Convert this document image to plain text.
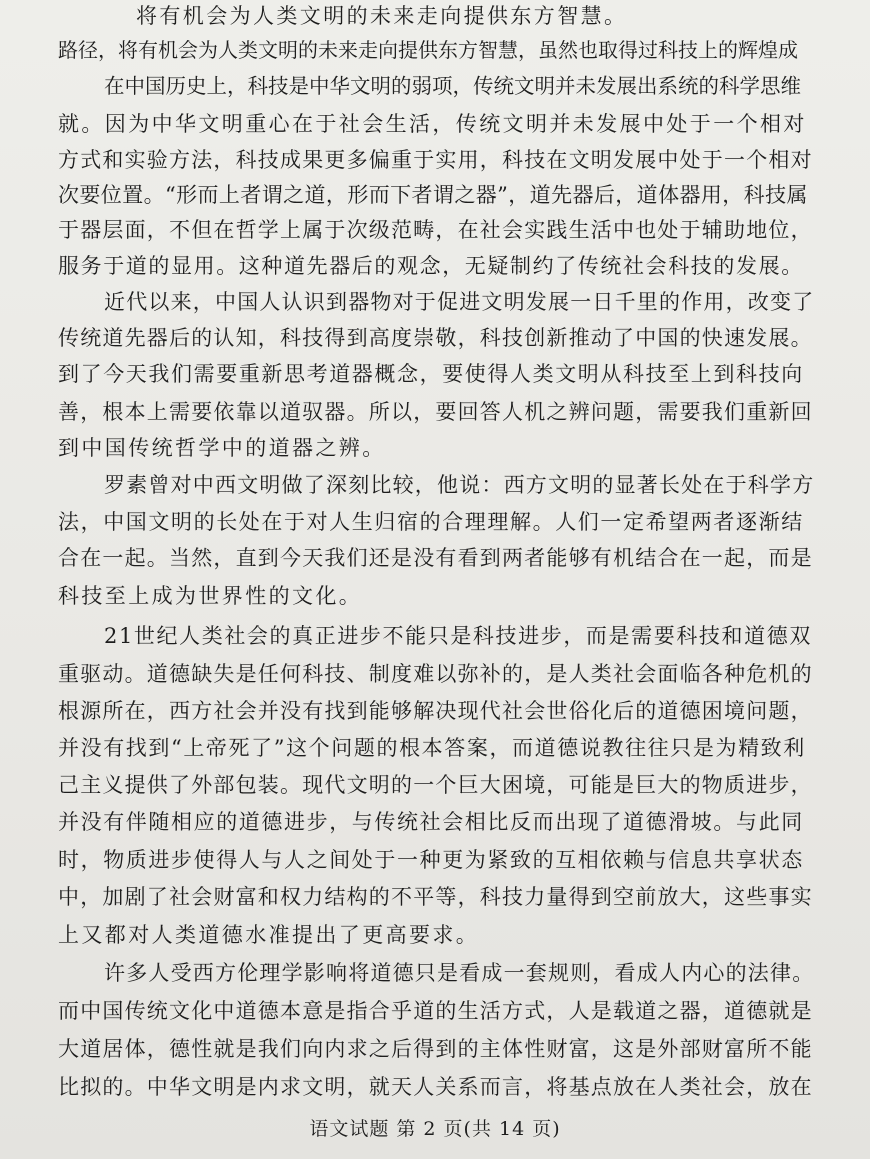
将有机会为人类文明的未来走向提供东方智慧。
路径，将有机会为人类文明的未来走向提供东方智慧，虽然也取得过科技上的辉煌成
在中国历史上，科技是中华文明的弱项，传统文明并未发展出系统的科学思维
就。因为中华文明重心在于社会生活，传统文明并未发展中处于一个相对
方式和实验方法，科技成果更多偏重于实用，科技在文明发展中处于一个相对
次要位置。“形而上者谓之道，形而下者谓之器”，道先器后，道体器用，科技属
于器层面，不但在哲学上属于次级范畴，在社会实践生活中也处于辅助地位，
服务于道的显用。这种道先器后的观念，无疑制约了传统社会科技的发展。
近代以来，中国人认识到器物对于促进文明发展一日千里的作用，改变了
传统道先器后的认知，科技得到高度崇敬，科技创新推动了中国的快速发展。
到了今天我们需要重新思考道器概念，要使得人类文明从科技至上到科技向
善，根本上需要依靠以道驭器。所以，要回答人机之辨问题，需要我们重新回
到中国传统哲学中的道器之辨。
罗素曾对中西文明做了深刻比较，他说：西方文明的显著长处在于科学方
法，中国文明的长处在于对人生归宿的合理理解。人们一定希望两者逐渐结
合在一起。当然，直到今天我们还是没有看到两者能够有机结合在一起，而是
科技至上成为世界性的文化。
21世纪人类社会的真正进步不能只是科技进步，而是需要科技和道德双
重驱动。道德缺失是任何科技、制度难以弥补的，是人类社会面临各种危机的
根源所在，西方社会并没有找到能够解决现代社会世俗化后的道德困境问题，
并没有找到“上帝死了”这个问题的根本答案，而道德说教往往只是为精致利
己主义提供了外部包装。现代文明的一个巨大困境，可能是巨大的物质进步，
并没有伴随相应的道德进步，与传统社会相比反而出现了道德滑坡。与此同
时，物质进步使得人与人之间处于一种更为紧致的互相依赖与信息共享状态
中，加剧了社会财富和权力结构的不平等，科技力量得到空前放大，这些事实
上又都对人类道德水准提出了更高要求。
许多人受西方伦理学影响将道德只是看成一套规则，看成人内心的法律。
而中国传统文化中道德本意是指合乎道的生活方式，人是载道之器，道德就是
大道居体，德性就是我们向内求之后得到的主体性财富，这是外部财富所不能
比拟的。中华文明是内求文明，就天人关系而言，将基点放在人类社会，放在
语文试题 第 2 页(共 14 页)
